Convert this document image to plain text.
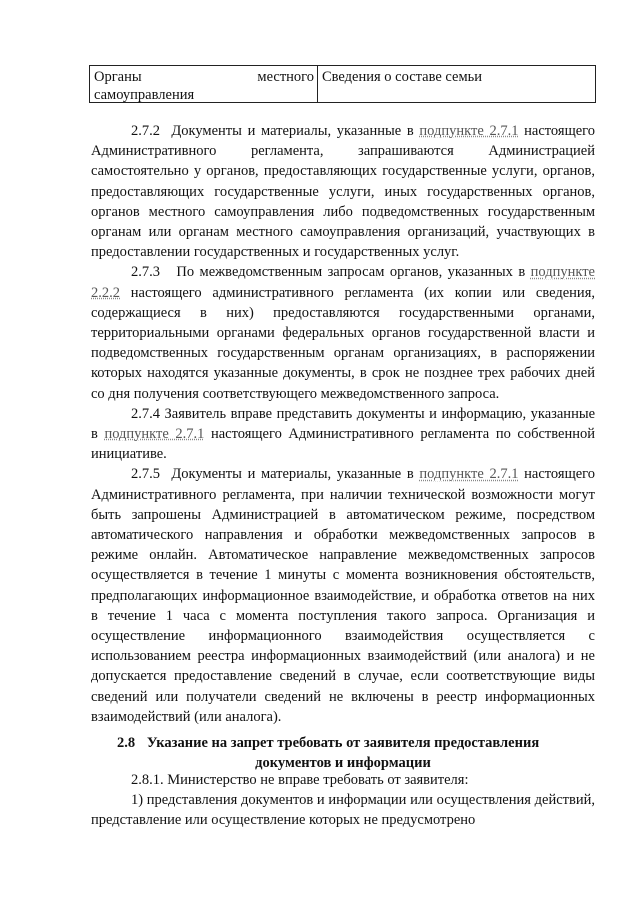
Органы	местного
самоуправления
Сведения о составе семьи

2.7.2 Документы и материалы, указанные в подпункте 2.7.1 настоящего Административного регламента, запрашиваются Администрацией самостоятельно у органов, предоставляющих государственные услуги, органов, предоставляющих государственные услуги, иных государственных органов, органов местного самоуправления либо подведомственных государственным органам или органам местного самоуправления организаций, участвующих в предоставлении государственных и государственных услуг.

2.7.3 По межведомственным запросам органов, указанных в подпункте 2.2.2 настоящего административного регламента (их копии или сведения, содержащиеся в них) предоставляются государственными органами, территориальными органами федеральных органов государственной власти и подведомственных государственным органам организациях, в распоряжении которых находятся указанные документы, в срок не позднее трех рабочих дней со дня получения соответствующего межведомственного запроса.

2.7.4 Заявитель вправе представить документы и информацию, указанные в подпункте 2.7.1 настоящего Административного регламента по собственной инициативе.

2.7.5 Документы и материалы, указанные в подпункте 2.7.1 настоящего Административного регламента, при наличии технической возможности могут быть запрошены Администрацией в автоматическом режиме, посредством автоматического направления и обработки межведомственных запросов в режиме онлайн. Автоматическое направление межведомственных запросов осуществляется в течение 1 минуты с момента возникновения обстоятельств, предполагающих информационное взаимодействие, и обработка ответов на них в течение 1 часа с момента поступления такого запроса. Организация и осуществление информационного взаимодействия осуществляется с использованием реестра информационных взаимодействий (или аналога) и не допускается предоставление сведений в случае, если соответствующие виды сведений или получатели сведений не включены в реестр информационных взаимодействий (или аналога).

2.8 Указание на запрет требовать от заявителя предоставления
документов и информации

2.8.1. Министерство не вправе требовать от заявителя:

1) представления документов и информации или осуществления действий, представление или осуществление которых не предусмотрено
